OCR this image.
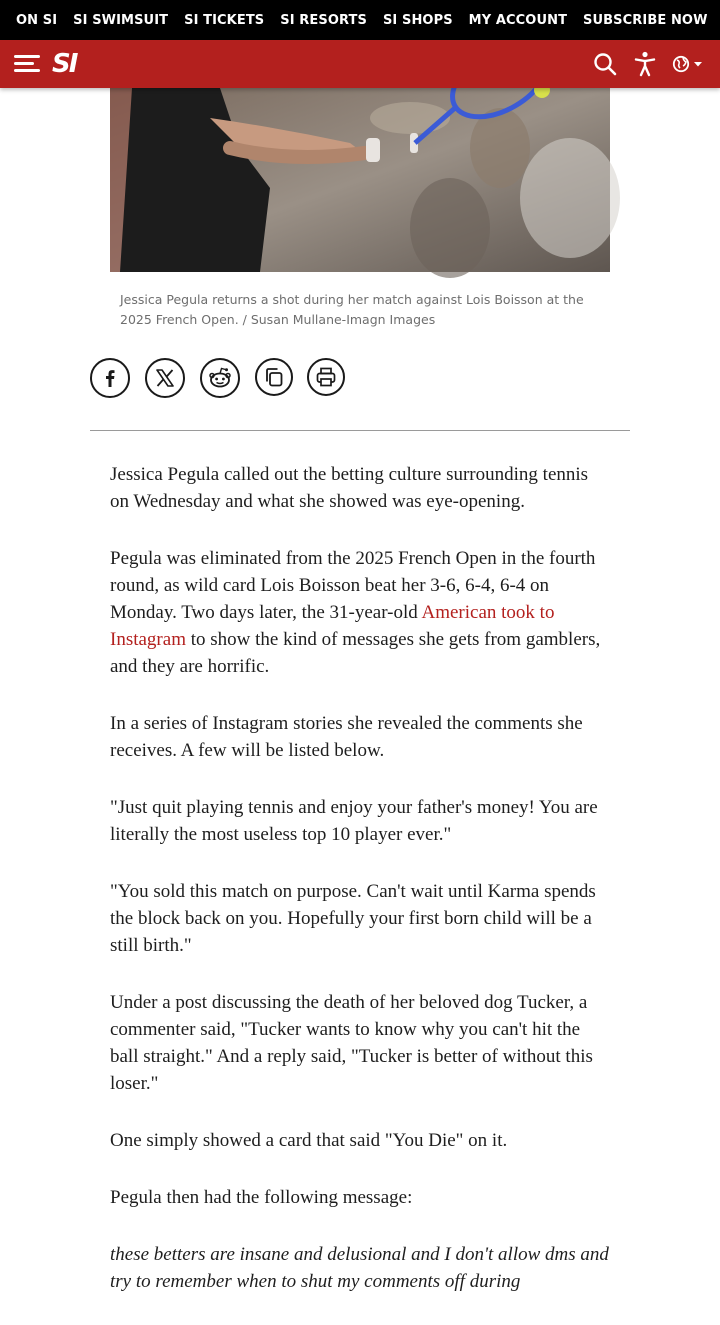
ON SI SI SWIMSUIT SI TICKETS SI RESORTS SI SHOPS MY ACCOUNT SUBSCRIBE NOW
SI
Jessica Pegula returns a shot during her match against Lois Boisson at the 2025 French Open. / Susan Mullane-Imagn Images

Jessica Pegula called out the betting culture surrounding tennis on Wednesday and what she showed was eye-opening.

Pegula was eliminated from the 2025 French Open in the fourth round, as wild card Lois Boisson beat her 3-6, 6-4, 6-4 on Monday. Two days later, the 31-year-old American took to Instagram to show the kind of messages she gets from gamblers, and they are horrific.

In a series of Instagram stories she revealed the comments she receives. A few will be listed below.

"Just quit playing tennis and enjoy your father's money! You are literally the most useless top 10 player ever."

"You sold this match on purpose. Can't wait until Karma spends the block back on you. Hopefully your first born child will be a still birth."

Under a post discussing the death of her beloved dog Tucker, a commenter said, "Tucker wants to know why you can't hit the ball straight." And a reply said, "Tucker is better of without this loser."

One simply showed a card that said "You Die" on it.

Pegula then had the following message:

these betters are insane and delusional and I don't allow dms and try to remember when to shut my comments off during
